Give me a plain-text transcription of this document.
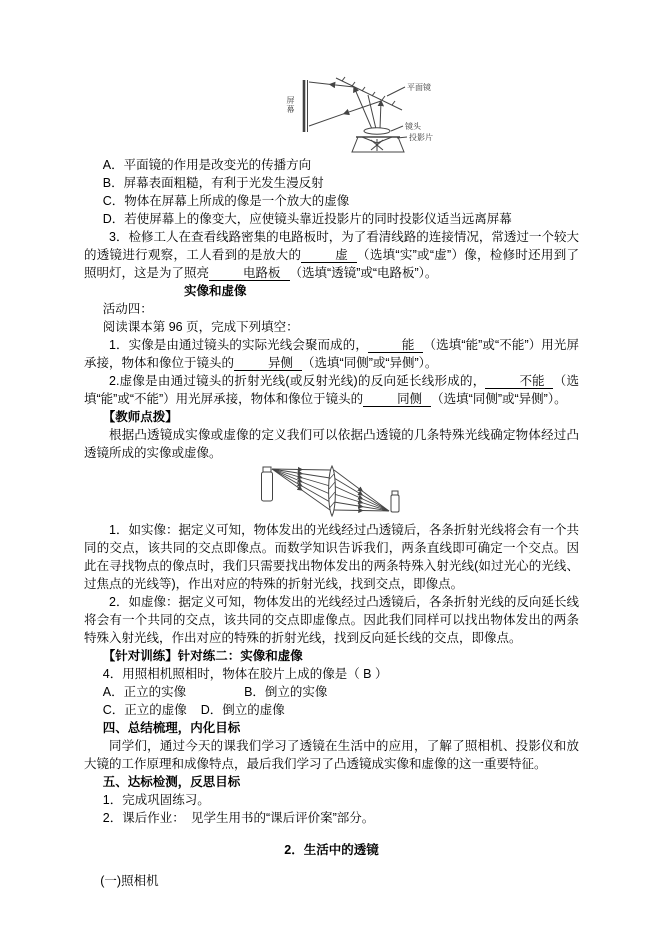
屏幕
平面镜
镜头
投影片

A．平面镜的作用是改变光的传播方向

B．屏幕表面粗糙，有利于光发生漫反射

C．物体在屏幕上所成的像是一个放大的虚像

D．若使屏幕上的像变大，应使镜头靠近投影片的同时投影仪适当远离屏幕

3．检修工人在查看线路密集的电路板时，为了看清线路的连接情况，常透过一个较大的透镜进行观察，工人看到的是放大的	虚 （选填“实”或“虚”）像，检修时还用到了照明灯，这是为了照亮	电路板 （选填“透镜”或“电路板”）。

实像和虚像

活动四：

阅读课本第 96 页，完成下列填空：

1．实像是由通过镜头的实际光线会聚而成的，	能 （选填“能”或“不能”）用光屏承接，物体和像位于镜头的	异侧 （选填“同侧”或“异侧”）。

2.虚像是由通过镜头的折射光线(或反射光线)的反向延长线形成的，	不能 （选填“能”或“不能”）用光屏承接，物体和像位于镜头的	同侧 （选填“同侧”或“异侧”）。

【教师点拨】

根据凸透镜成实像或虚像的定义我们可以依据凸透镜的几条特殊光线确定物体经过凸透镜所成的实像或虚像。

1．如实像：据定义可知，物体发出的光线经过凸透镜后，各条折射光线将会有一个共同的交点，该共同的交点即像点。而数学知识告诉我们，两条直线即可确定一个交点。因此在寻找物点的像点时，我们只需要找出物体发出的两条特殊入射光线(如过光心的光线、过焦点的光线等)，作出对应的特殊的折射光线，找到交点，即像点。

2．如虚像：据定义可知，物体发出的光线经过凸透镜后，各条折射光线的反向延长线将会有一个共同的交点，该共同的交点即虚像点。因此我们同样可以找出物体发出的两条特殊入射光线，作出对应的特殊的折射光线，找到反向延长线的交点，即像点。

【针对训练】针对练二：实像和虚像

4．用照相机照相时，物体在胶片上成的像是（ B ）

A．正立的实像	B．倒立的实像

C．正立的虚像 D．倒立的虚像

四、总结梳理，内化目标

同学们，通过今天的课我们学习了透镜在生活中的应用，了解了照相机、投影仪和放大镜的工作原理和成像特点，最后我们学习了凸透镜成实像和虚像的这一重要特征。

五、达标检测，反思目标

1．完成巩固练习。

2．课后作业：　见学生用书的“课后评价案”部分。

2．生活中的透镜

(一)照相机
